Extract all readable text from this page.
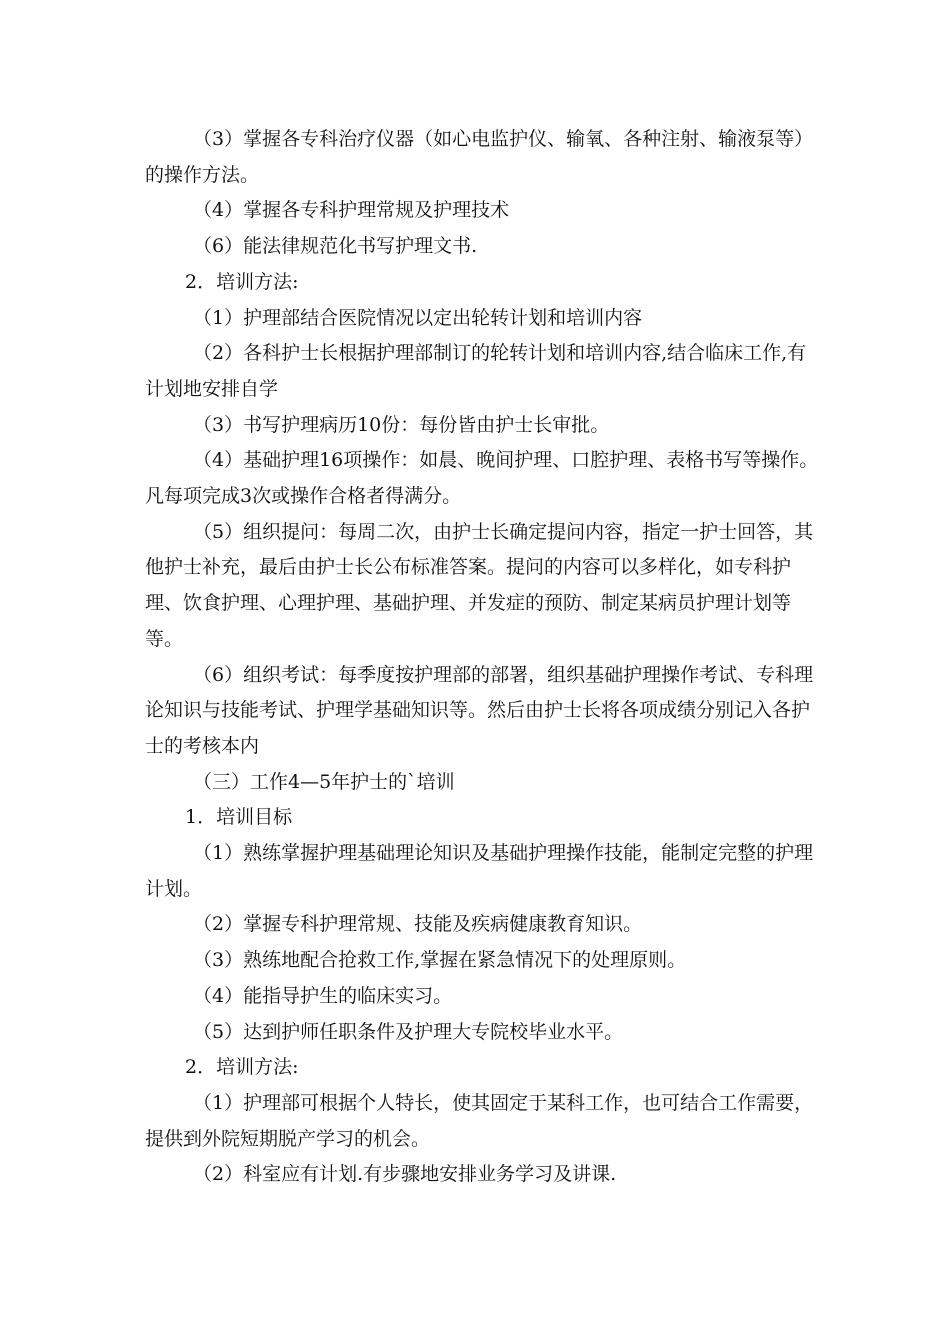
（3）掌握各专科治疗仪器（如心电监护仪、输氧、各种注射、输液泵等）的操作方法。

（4）掌握各专科护理常规及护理技术

（6）能法律规范化书写护理文书.

2．培训方法:

（1）护理部结合医院情况以定出轮转计划和培训内容

（2）各科护士长根据护理部制订的轮转计划和培训内容,结合临床工作,有计划地安排自学

（3）书写护理病历10份：每份皆由护士长审批。

（4）基础护理16项操作：如晨、晚间护理、口腔护理、表格书写等操作。凡每项完成3次或操作合格者得满分。

（5）组织提问：每周二次，由护士长确定提问内容，指定一护士回答，其他护士补充，最后由护士长公布标准答案。提问的内容可以多样化，如专科护理、饮食护理、心理护理、基础护理、并发症的预防、制定某病员护理计划等等。

（6）组织考试：每季度按护理部的部署，组织基础护理操作考试、专科理论知识与技能考试、护理学基础知识等。然后由护士长将各项成绩分别记入各护士的考核本内

（三）工作4—5年护士的`培训

1．培训目标

（1）熟练掌握护理基础理论知识及基础护理操作技能，能制定完整的护理计划。

（2）掌握专科护理常规、技能及疾病健康教育知识。

（3）熟练地配合抢救工作,掌握在紧急情况下的处理原则。

（4）能指导护生的临床实习。

（5）达到护师任职条件及护理大专院校毕业水平。

2．培训方法:

（1）护理部可根据个人特长，使其固定于某科工作，也可结合工作需要，提供到外院短期脱产学习的机会。

（2）科室应有计划.有步骤地安排业务学习及讲课.
